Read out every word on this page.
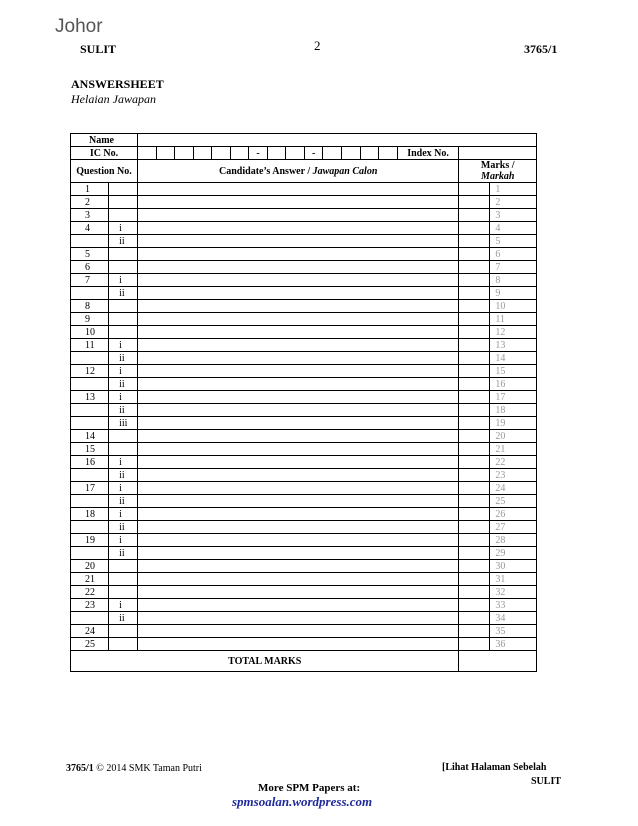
Johor
SULIT	2	3765/1
ANSWERSHEET
Helaian Jawapan
Name																		
IC No.								-			-					Index No.		
Question No.		Candidate’s Answer / Jawapan Calon															Marks /
Markah	
1																		1
2																		2
3																		3
4	i																	4
	ii																	5
5																		6
6																		7
7	i																	8
	ii																	9
8																		10
9																		11
10																		12
11	i																	13
	ii																	14
12	i																	15
	ii																	16
13	i																	17
	ii																	18
	iii																	19
14																		20
15																		21
16	i																	22
	ii																	23
17	i																	24
	ii																	25
18	i																	26
	ii																	27
19	i																	28
	ii																	29
20																		30
21																		31
22																		32
23	i																	33
	ii																	34
24																		35
25																		36
TOTAL MARKS																		
3765/1 © 2014 SMK Taman Putri	[Lihat Halaman Sebelah
SULIT
More SPM Papers at:
spmsoalan.wordpress.com
